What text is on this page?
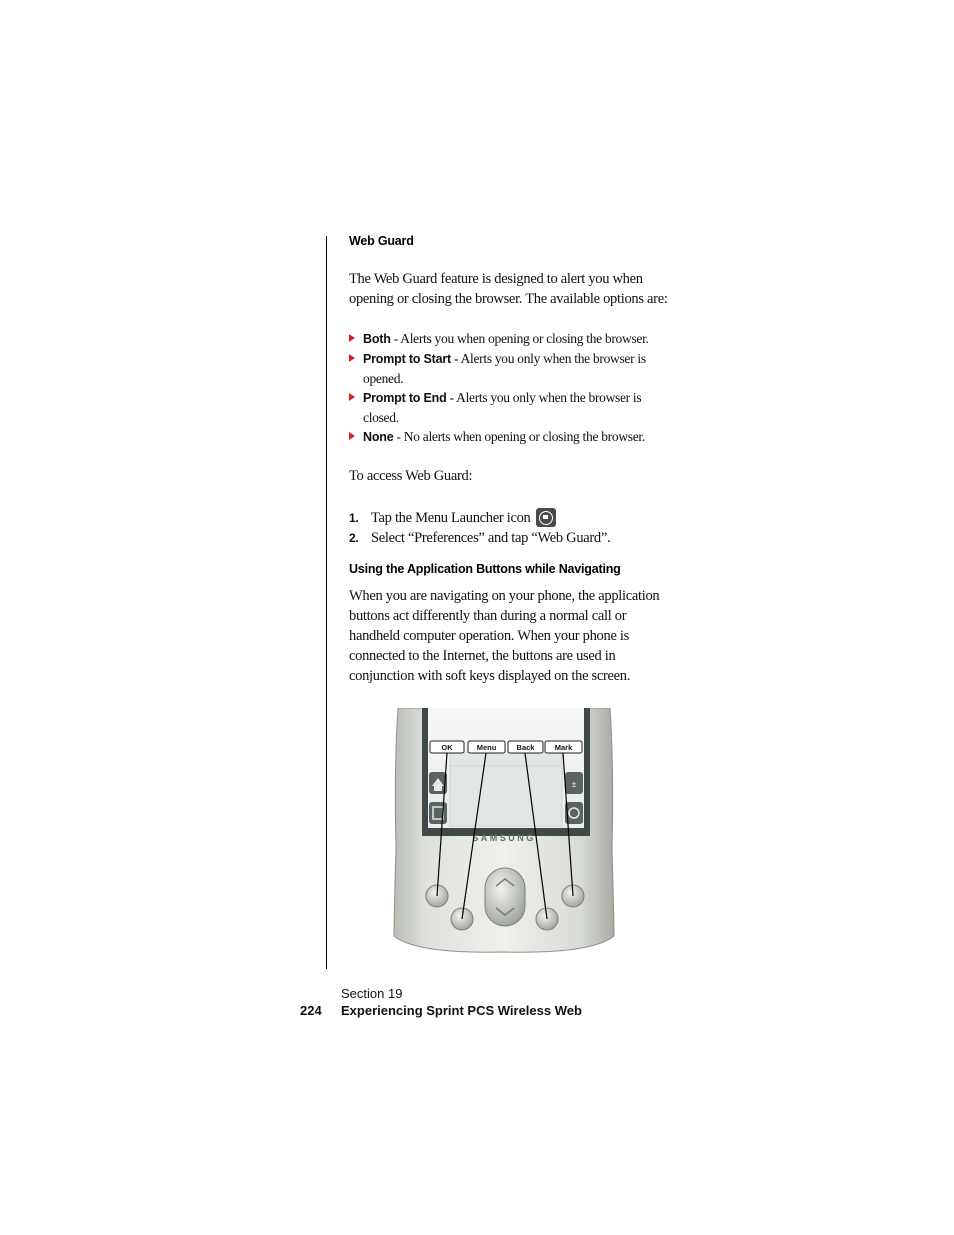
Web Guard

The Web Guard feature is designed to alert you when opening or closing the browser. The available options are:

Both - Alerts you when opening or closing the browser.
Prompt to Start - Alerts you only when the browser is opened.
Prompt to End - Alerts you only when the browser is closed.
None - No alerts when opening or closing the browser.

To access Web Guard:

1. Tap the Menu Launcher icon
2. Select “Preferences” and tap “Web Guard”.
Using the Application Buttons while Navigating

When you are navigating on your phone, the application buttons act differently than during a normal call or handheld computer operation. When your phone is connected to the Internet, the buttons are used in conjunction with soft keys displayed on the screen.

OK	Menu	Back	Mark
±
SAMSUNG
224
Section 19
Experiencing Sprint PCS Wireless Web
